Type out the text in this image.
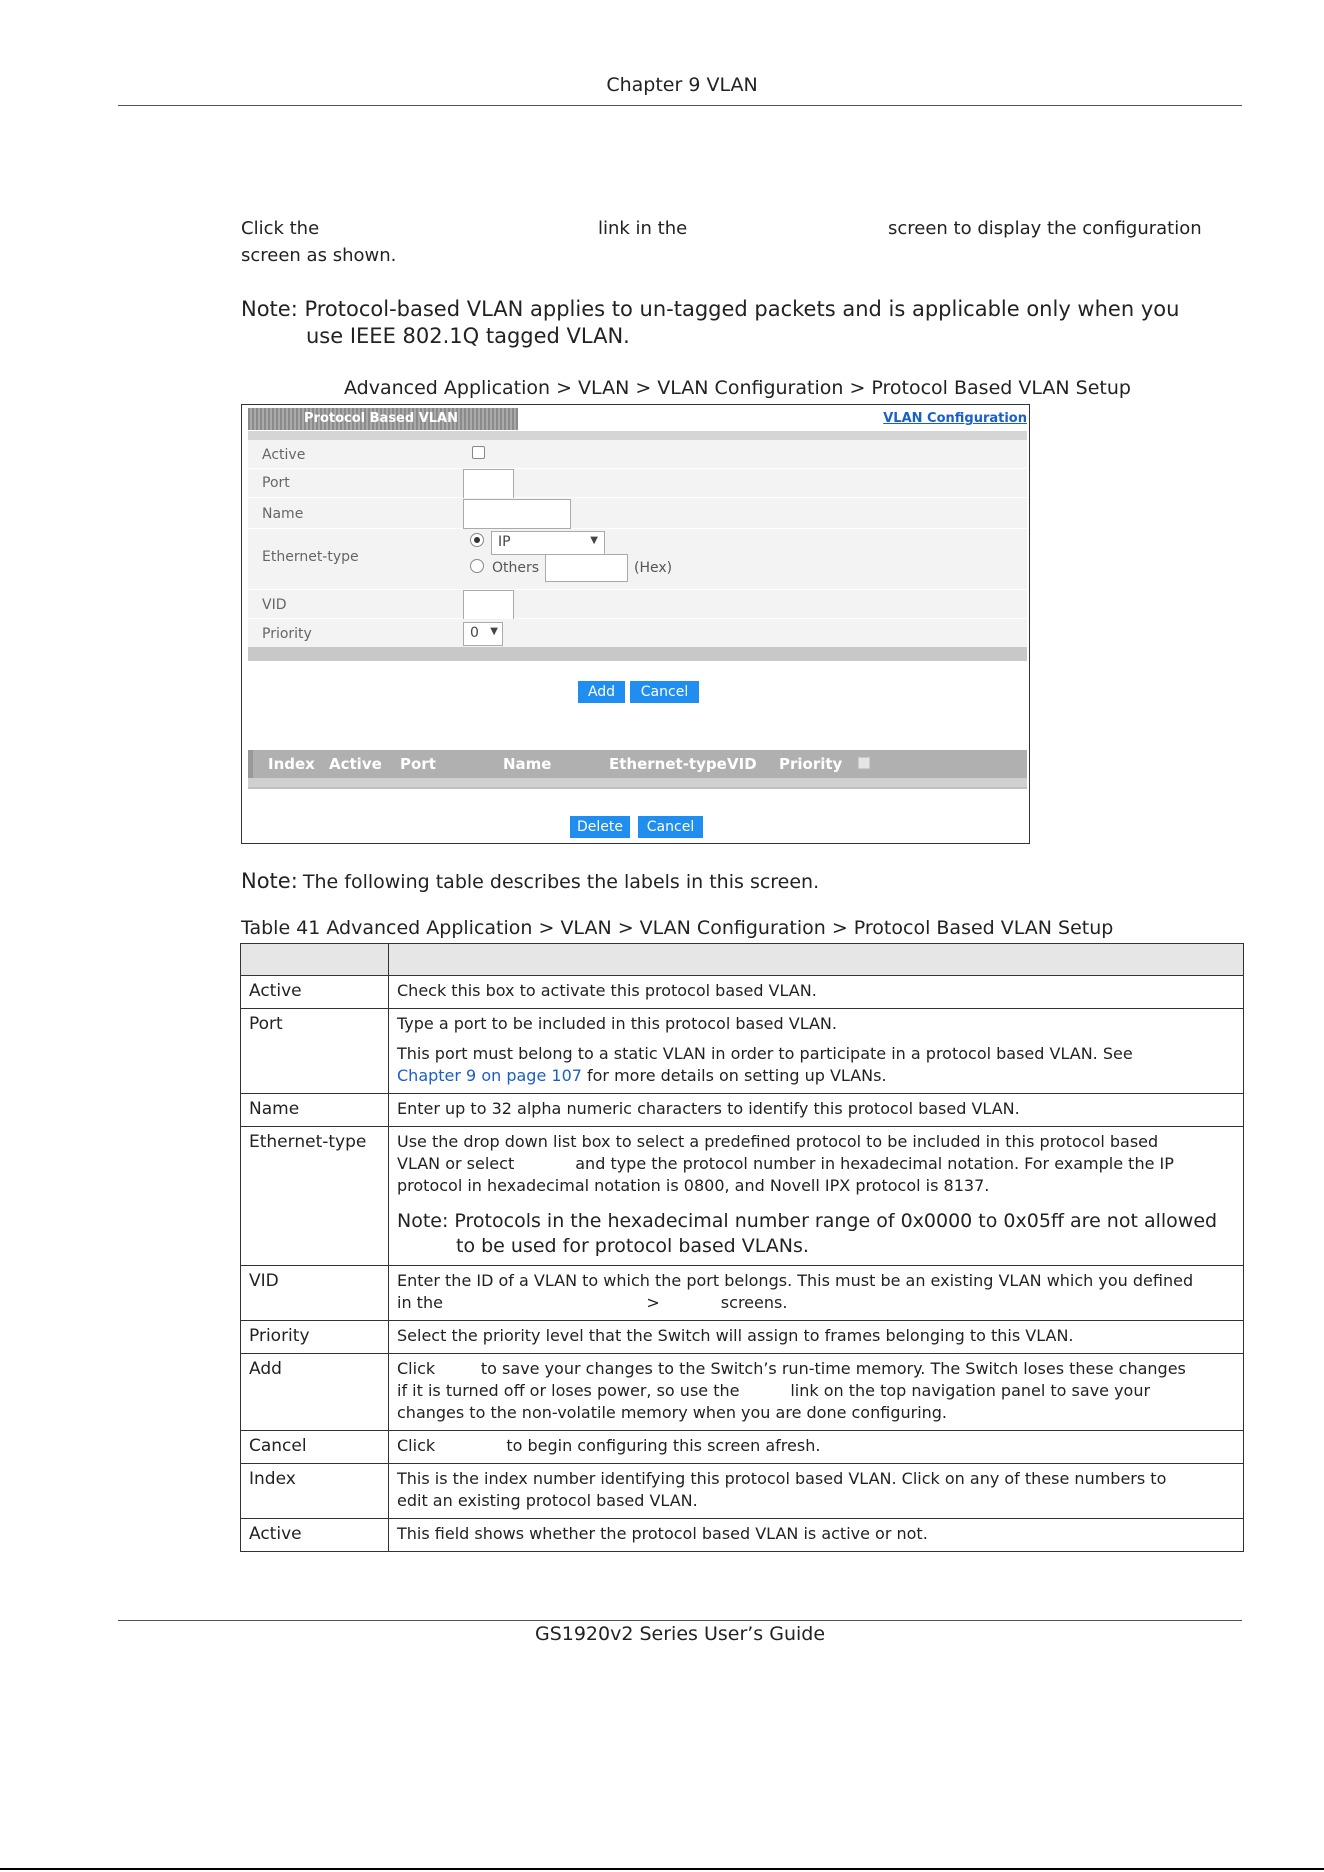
Chapter 9 VLAN
Click the	link in the	screen to display the configuration
screen as shown.
Note: Protocol-based VLAN applies to un-tagged packets and is applicable only when you
use IEEE 802.1Q tagged VLAN.
Advanced Application > VLAN > VLAN Configuration > Protocol Based VLAN Setup
Protocol Based VLAN	VLAN Configuration
Active
Port
Name
Ethernet-type
IP	▼
Others	(Hex)
VID
Priority	0 ▼
Add	Cancel
Index Active Port	Name	Ethernet-type VID Priority
Delete	Cancel
Note: The following table describes the labels in this screen.
Table 41 Advanced Application > VLAN > VLAN Configuration > Protocol Based VLAN Setup

Active	Check this box to activate this protocol based VLAN.
Port	Type a port to be included in this protocol based VLAN.
This port must belong to a static VLAN in order to participate in a protocol based VLAN. See
Chapter 9 on page 107 for more details on setting up VLANs.

Name	Enter up to 32 alpha numeric characters to identify this protocol based VLAN.
Ethernet-type	Use the drop down list box to select a predefined protocol to be included in this protocol based
VLAN or select            and type the protocol number in hexadecimal notation. For example the IP
protocol in hexadecimal notation is 0800, and Novell IPX protocol is 8137.
Note: Protocols in the hexadecimal number range of 0x0000 to 0x05ff are not allowed
to be used for protocol based VLANs.

VID	Enter the ID of a VLAN to which the port belongs. This must be an existing VLAN which you defined
in the                                        >            screens.

Priority	Select the priority level that the Switch will assign to frames belonging to this VLAN.
Add	Click         to save your changes to the Switch’s run-time memory. The Switch loses these changes
if it is turned off or loses power, so use the          link on the top navigation panel to save your
changes to the non-volatile memory when you are done configuring.

Cancel	Click              to begin configuring this screen afresh.
Index	This is the index number identifying this protocol based VLAN. Click on any of these numbers to
edit an existing protocol based VLAN.

Active	This field shows whether the protocol based VLAN is active or not.
GS1920v2 Series User’s Guide
